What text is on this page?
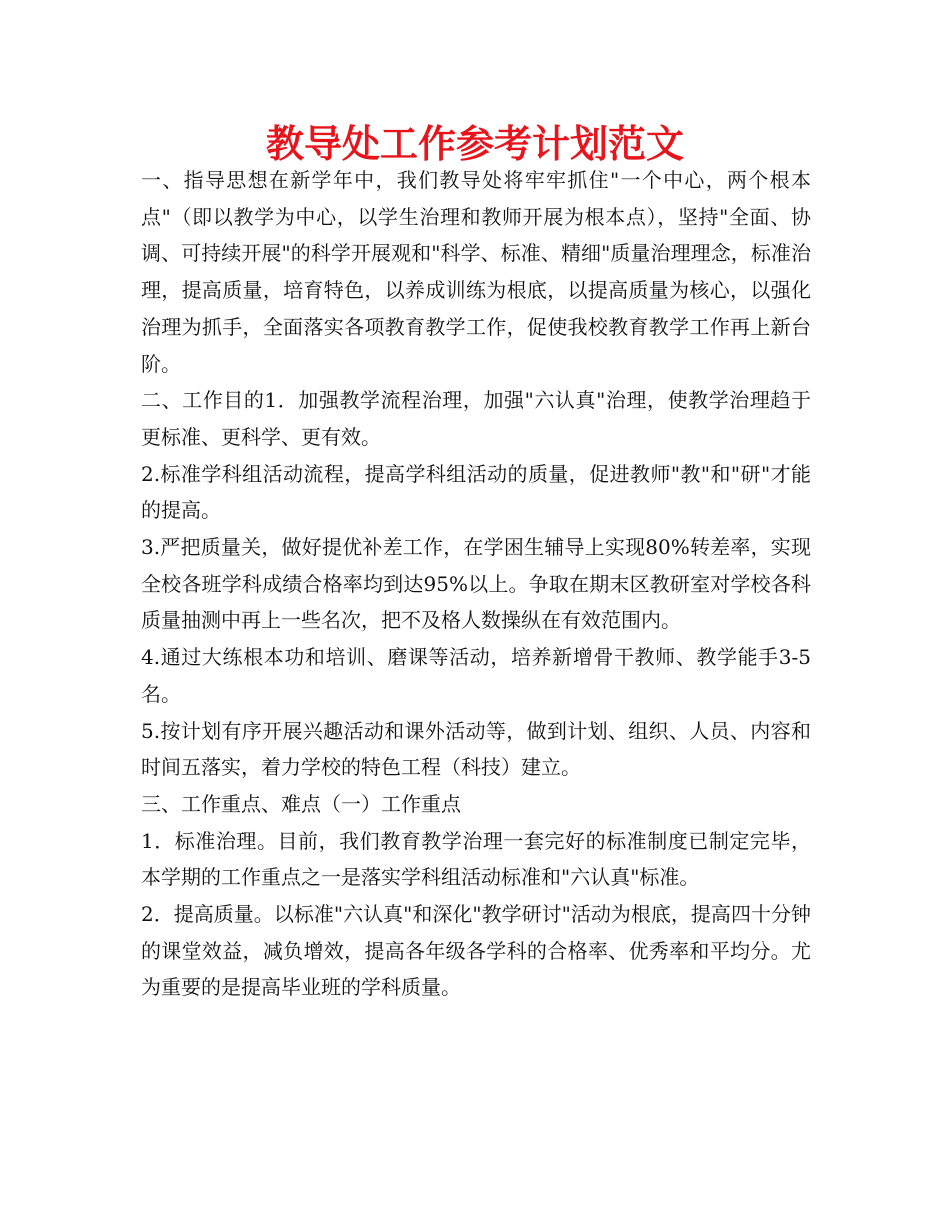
教导处工作参考计划范文

一、指导思想在新学年中，我们教导处将牢牢抓住"一个中心，两个根本点"（即以教学为中心，以学生治理和教师开展为根本点），坚持"全面、协调、可持续开展"的科学开展观和"科学、标准、精细"质量治理理念，标准治理，提高质量，培育特色，以养成训练为根底，以提高质量为核心，以强化治理为抓手，全面落实各项教育教学工作，促使我校教育教学工作再上新台阶。

二、工作目的1．加强教学流程治理，加强"六认真"治理，使教学治理趋于更标准、更科学、更有效。

2.标准学科组活动流程，提高学科组活动的质量，促进教师"教"和"研"才能的提高。

3.严把质量关，做好提优补差工作，在学困生辅导上实现80%转差率，实现全校各班学科成绩合格率均到达95%以上。争取在期末区教研室对学校各科质量抽测中再上一些名次，把不及格人数操纵在有效范围内。

4.通过大练根本功和培训、磨课等活动，培养新增骨干教师、教学能手3-5名。

5.按计划有序开展兴趣活动和课外活动等，做到计划、组织、人员、内容和时间五落实，着力学校的特色工程（科技）建立。

三、工作重点、难点（一）工作重点

1．标准治理。目前，我们教育教学治理一套完好的标准制度已制定完毕，本学期的工作重点之一是落实学科组活动标准和"六认真"标准。

2．提高质量。以标准"六认真"和深化"教学研讨"活动为根底，提高四十分钟的课堂效益，减负增效，提高各年级各学科的合格率、优秀率和平均分。尤为重要的是提高毕业班的学科质量。
